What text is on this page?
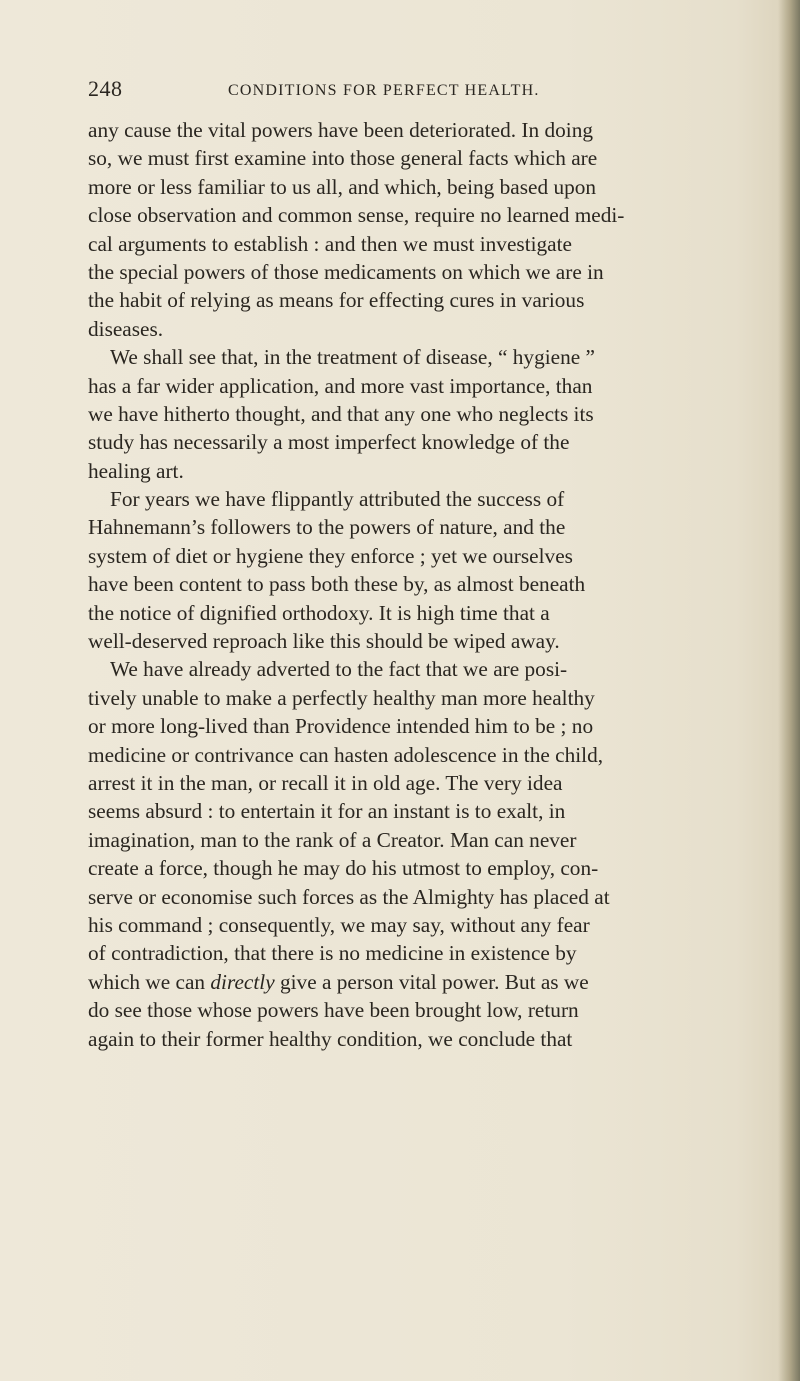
248	CONDITIONS FOR PERFECT HEALTH.
any cause the vital powers have been deteriorated. In doing
so, we must first examine into those general facts which are
more or less familiar to us all, and which, being based upon
close observation and common sense, require no learned medi-
cal arguments to establish : and then we must investigate
the special powers of those medicaments on which we are in
the habit of relying as means for effecting cures in various
diseases.
We shall see that, in the treatment of disease, “ hygiene ”
has a far wider application, and more vast importance, than
we have hitherto thought, and that any one who neglects its
study has necessarily a most imperfect knowledge of the
healing art.
For years we have flippantly attributed the success of
Hahnemann’s followers to the powers of nature, and the
system of diet or hygiene they enforce ; yet we ourselves
have been content to pass both these by, as almost beneath
the notice of dignified orthodoxy. It is high time that a
well-deserved reproach like this should be wiped away.
We have already adverted to the fact that we are posi-
tively unable to make a perfectly healthy man more healthy
or more long-lived than Providence intended him to be ; no
medicine or contrivance can hasten adolescence in the child,
arrest it in the man, or recall it in old age. The very idea
seems absurd : to entertain it for an instant is to exalt, in
imagination, man to the rank of a Creator. Man can never
create a force, though he may do his utmost to employ, con-
serve or economise such forces as the Almighty has placed at
his command ; consequently, we may say, without any fear
of contradiction, that there is no medicine in existence by
which we can directly give a person vital power. But as we
do see those whose powers have been brought low, return
again to their former healthy condition, we conclude that
